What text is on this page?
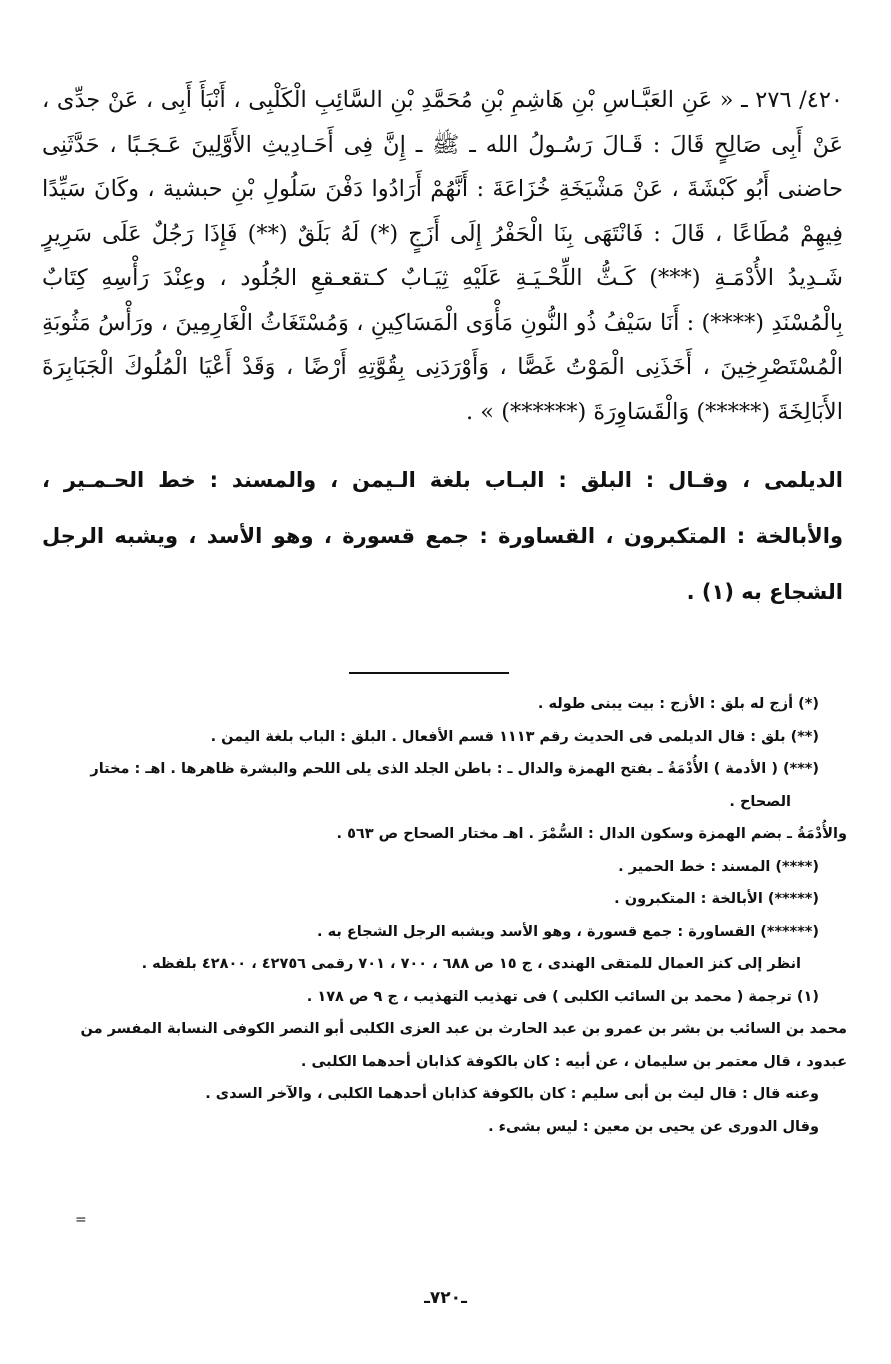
٤٢٠/ ٢٧٦ ـ « عَنِ العَبَّـاسِ بْنِ هَاشِمِ بْنِ مُحَمَّدِ بْنِ السَّائِبِ الْكَلْبِى ، أَنْبَأَ أَبِى ، عَنْ جدِّى ، عَنْ أَبِى صَالِحٍ قَالَ : قَـالَ رَسُـولُ الله ـ ﷺ ـ إِنَّ فِى أَحَـادِيثِ الأَوَّلِينَ عَـجَـبًا ، حَدَّثَنِى حاضنى أَبُو كَبْشَةَ ، عَنْ مَشْيَخَةِ خُزَاعَةَ : أَنَّهُمْ أَرَادُوا دَفْنَ سَلُولِ بْنِ حبشية ، وكَانَ سَيِّدًا فِيهِمْ مُطَاعًا ، قَالَ : فَانْتَهَى بِنَا الْحَفْرُ إِلَى أَزَجٍ (*) لَهُ بَلَقٌ (**) فَإِذَا رَجُلٌ عَلَى سَرِيرٍ شَـدِيدُ الأُدْمَـةِ (***) كَـثُّ اللِّحْـيَـةِ عَلَيْهِ ثِيَـابٌ كـتقعـقعِ الجُلُود ، وعِنْدَ رَأْسِهِ كِتَابٌ بِالْمُسْنَدِ (****) : أَنَا سَيْفُ ذُو النُّونِ مَأْوَى الْمَسَاكِينِ ، وَمُسْتَغَاثُ الْغَارِمِينَ ، ورَأْسُ مَثُوبَةِ الْمُسْتَصْرِخِينَ ، أَخَذَنِى الْمَوْتُ غَصًّا ، وَأَوْرَدَنِى بِقُوَّتِهِ أَرْضًا ، وَقَدْ أَعْيَا الْمُلُوكَ الْجَبَابِرَةَ الأَبَالِخَةَ (*****) وَالْقَسَاوِرَةَ (******) » .

الديلمى ، وقـال : البلق : البـاب بلغة الـيمن ، والمسند : خط الحـمـير ، والأبالخة : المتكبرون ، القساورة : جمع قسورة ، وهو الأسد ، ويشبه الرجل الشجاع به (١) .

(*) أزج له بلق : الأزج : بيت يبنى طوله .

(**) بلق : قال الديلمى فى الحديث رقم ١١١٣ قسم الأفعال . البلق : الباب بلغة اليمن .

(***) ( الأدمة ) الأُدْمَةُ ـ بفتح الهمزة والدال ـ : باطن الجلد الذى يلى اللحم والبشرة ظاهرها . اهـ : مختار الصحاح .

والأُدْمَةُ ـ بضم الهمزة وسكون الدال : السُّمْرَ . اهـ مختار الصحاح ص ٥٦٣ .

(****) المسند : خط الحمير .

(*****) الأبالخة : المتكبرون .

(******) القساورة : جمع قسورة ، وهو الأسد ويشبه الرجل الشجاع به .

انظر إلى كنز العمال للمتقى الهندى ، ج ١٥ ص ٦٨٨ ، ٧٠٠ ، ٧٠١ رقمى ٤٢٧٥٦ ، ٤٢٨٠٠ بلفظه .

(١) ترجمة ( محمد بن السائب الكلبى ) فى تهذيب التهذيب ، ج ٩ ص ١٧٨ .

محمد بن السائب بن بشر بن عمرو بن عبد الحارث بن عبد العزى الكلبى أبو النصر الكوفى النسابة المفسر من عبدود ، قال معتمر بن سليمان ، عن أبيه : كان بالكوفة كذابان أحدهما الكلبى .

وعنه قال : قال ليث بن أبى سليم : كان بالكوفة كذابان أحدهما الكلبى ، والآخر السدى .

وقال الدورى عن يحيى بن معين : ليس بشىء .

=
ـ٧٢٠ـ
